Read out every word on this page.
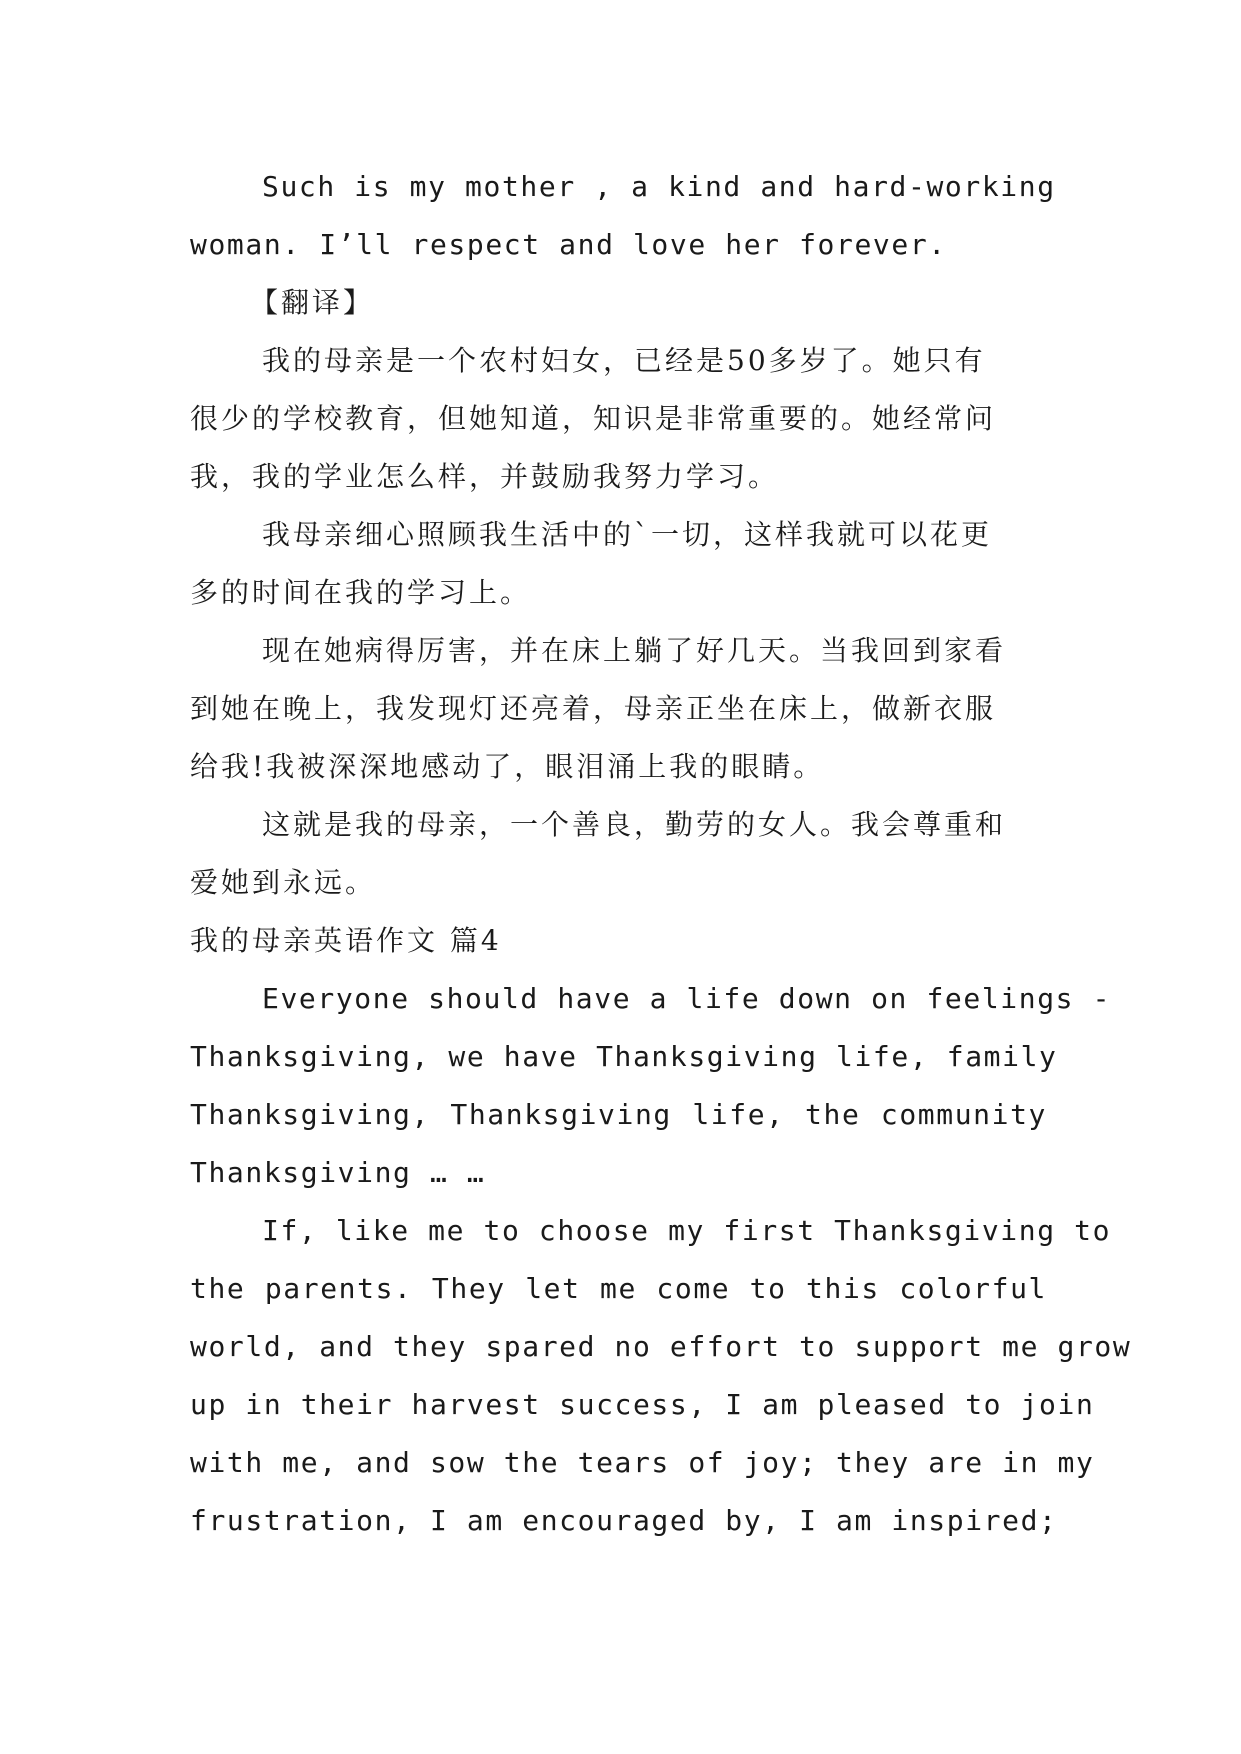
Such is my mother , a kind and hard-working
woman. I’ll respect and love her forever.
【翻译】
我的母亲是一个农村妇女，已经是50多岁了。她只有
很少的学校教育，但她知道，知识是非常重要的。她经常问
我，我的学业怎么样，并鼓励我努力学习。
我母亲细心照顾我生活中的`一切，这样我就可以花更
多的时间在我的学习上。
现在她病得厉害，并在床上躺了好几天。当我回到家看
到她在晚上，我发现灯还亮着，母亲正坐在床上，做新衣服
给我!我被深深地感动了，眼泪涌上我的眼睛。
这就是我的母亲，一个善良，勤劳的女人。我会尊重和
爱她到永远。
我的母亲英语作文 篇4
Everyone should have a life down on feelings -
Thanksgiving, we have Thanksgiving life, family
Thanksgiving, Thanksgiving life, the community
Thanksgiving … …
If, like me to choose my first Thanksgiving to
the parents. They let me come to this colorful
world, and they spared no effort to support me grow
up in their harvest success, I am pleased to join
with me, and sow the tears of joy; they are in my
frustration, I am encouraged by, I am inspired;
